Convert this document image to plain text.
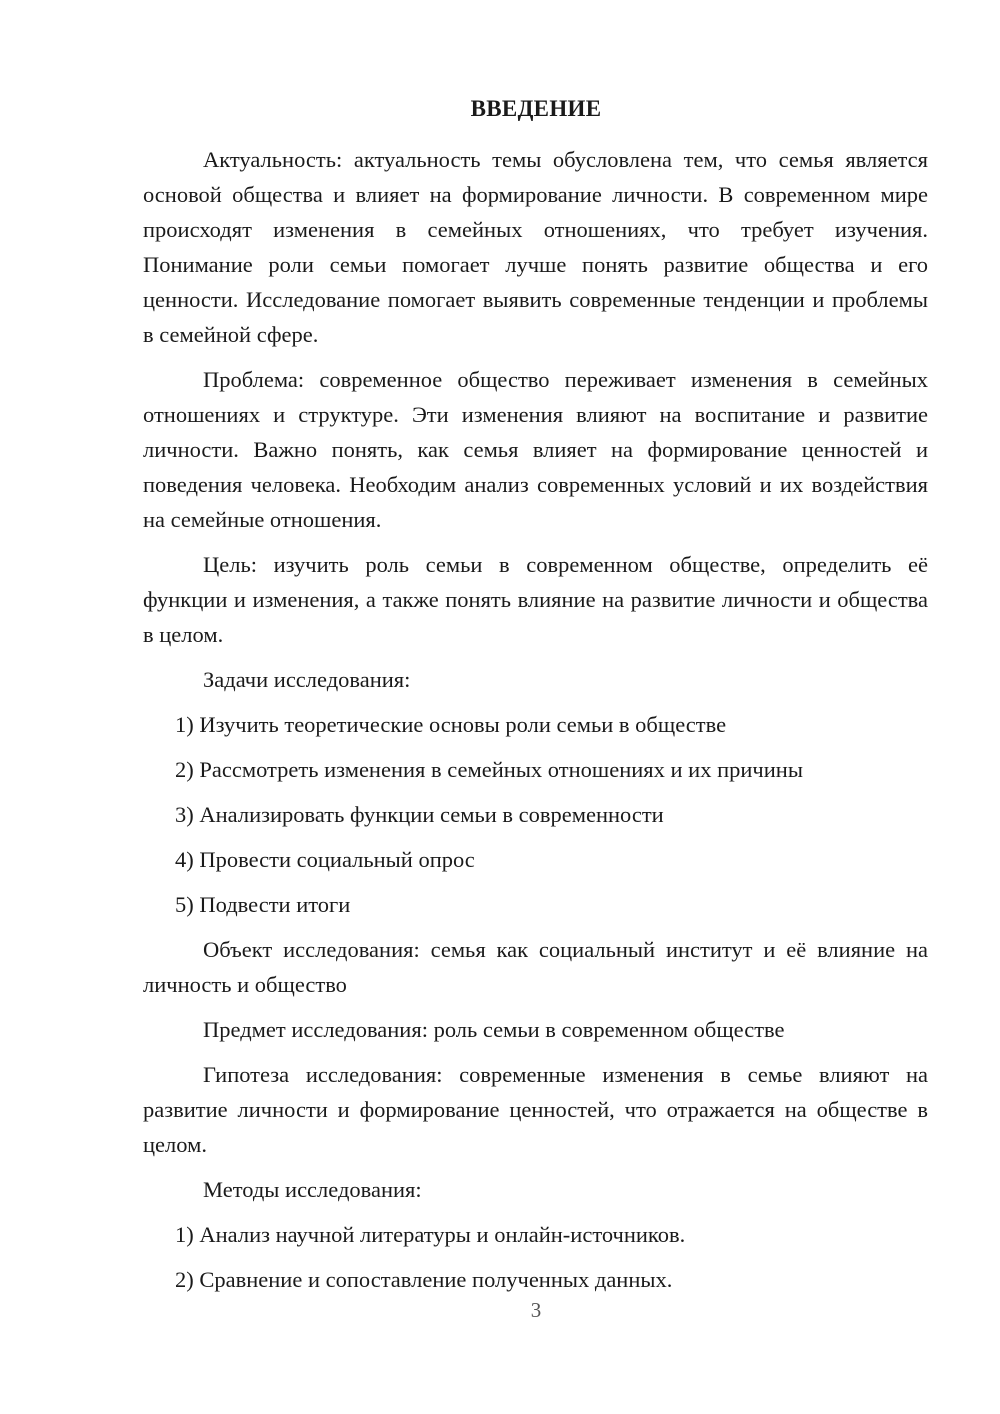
ВВЕДЕНИЕ

Актуальность: актуальность темы обусловлена тем, что семья является основой общества и влияет на формирование личности. В современном мире происходят изменения в семейных отношениях, что требует изучения. Понимание роли семьи помогает лучше понять развитие общества и его ценности. Исследование помогает выявить современные тенденции и проблемы в семейной сфере.

Проблема: современное общество переживает изменения в семейных отношениях и структуре. Эти изменения влияют на воспитание и развитие личности. Важно понять, как семья влияет на формирование ценностей и поведения человека. Необходим анализ современных условий и их воздействия на семейные отношения.

Цель: изучить роль семьи в современном обществе, определить её функции и изменения, а также понять влияние на развитие личности и общества в целом.

Задачи исследования:

1) Изучить теоретические основы роли семьи в обществе
2) Рассмотреть изменения в семейных отношениях и их причины
3) Анализировать функции семьи в современности
4) Провести социальный опрос
5) Подвести итоги

Объект исследования: семья как социальный институт и её влияние на личность и общество

Предмет исследования: роль семьи в современном обществе

Гипотеза исследования: современные изменения в семье влияют на развитие личности и формирование ценностей, что отражается на обществе в целом.

Методы исследования:

1) Анализ научной литературы и онлайн-источников.
2) Сравнение и сопоставление полученных данных.
3
